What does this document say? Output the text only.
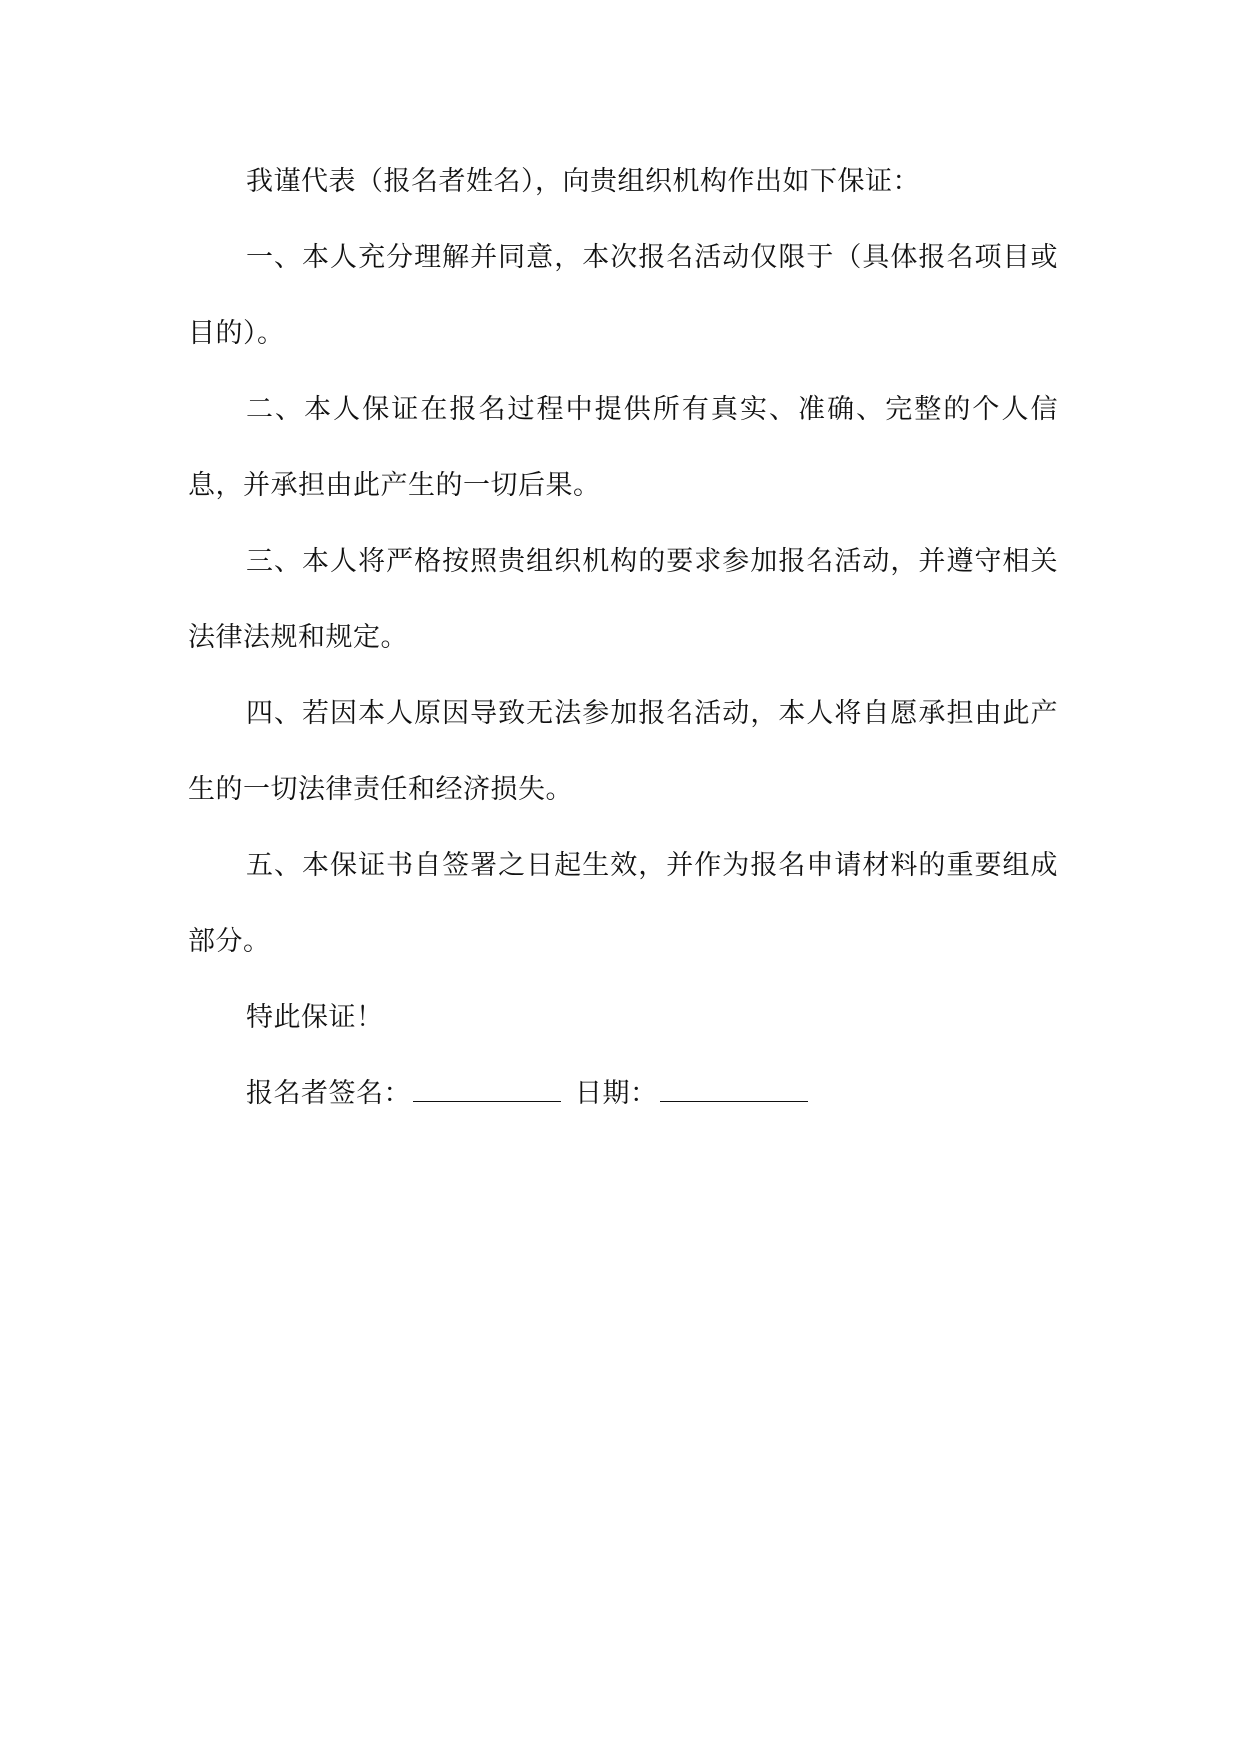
我谨代表（报名者姓名），向贵组织机构作出如下保证：

一、本人充分理解并同意，本次报名活动仅限于（具体报名项目或目的）。

二、本人保证在报名过程中提供所有真实、准确、完整的个人信息，并承担由此产生的一切后果。

三、本人将严格按照贵组织机构的要求参加报名活动，并遵守相关法律法规和规定。

四、若因本人原因导致无法参加报名活动，本人将自愿承担由此产生的一切法律责任和经济损失。

五、本保证书自签署之日起生效，并作为报名申请材料的重要组成部分。

特此保证！

报名者签名：	日期：
